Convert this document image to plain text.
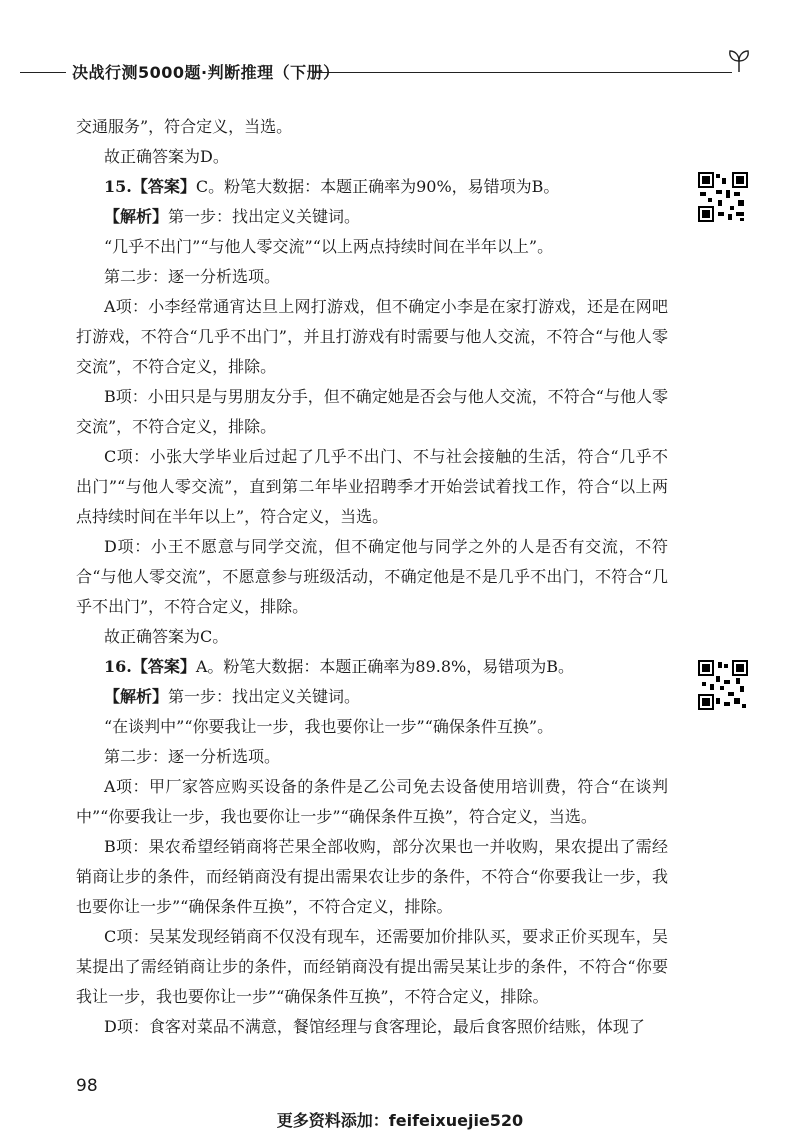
决战行测5000题·判断推理（下册）

交通服务”，符合定义，当选。

故正确答案为D。

15.【答案】C。粉笔大数据：本题正确率为90%，易错项为B。

【解析】第一步：找出定义关键词。

“几乎不出门”“与他人零交流”“以上两点持续时间在半年以上”。

第二步：逐一分析选项。

A项：小李经常通宵达旦上网打游戏，但不确定小李是在家打游戏，还是在网吧打游戏，不符合“几乎不出门”，并且打游戏有时需要与他人交流，不符合“与他人零交流”，不符合定义，排除。

B项：小田只是与男朋友分手，但不确定她是否会与他人交流，不符合“与他人零交流”，不符合定义，排除。

C项：小张大学毕业后过起了几乎不出门、不与社会接触的生活，符合“几乎不出门”“与他人零交流”，直到第二年毕业招聘季才开始尝试着找工作，符合“以上两点持续时间在半年以上”，符合定义，当选。

D项：小王不愿意与同学交流，但不确定他与同学之外的人是否有交流，不符合“与他人零交流”，不愿意参与班级活动，不确定他是不是几乎不出门，不符合“几乎不出门”，不符合定义，排除。

故正确答案为C。

16.【答案】A。粉笔大数据：本题正确率为89.8%，易错项为B。

【解析】第一步：找出定义关键词。

“在谈判中”“你要我让一步，我也要你让一步”“确保条件互换”。

第二步：逐一分析选项。

A项：甲厂家答应购买设备的条件是乙公司免去设备使用培训费，符合“在谈判中”“你要我让一步，我也要你让一步”“确保条件互换”，符合定义，当选。

B项：果农希望经销商将芒果全部收购，部分次果也一并收购，果农提出了需经销商让步的条件，而经销商没有提出需果农让步的条件，不符合“你要我让一步，我也要你让一步”“确保条件互换”，不符合定义，排除。

C项：吴某发现经销商不仅没有现车，还需要加价排队买，要求正价买现车，吴某提出了需经销商让步的条件，而经销商没有提出需吴某让步的条件，不符合“你要我让一步，我也要你让一步”“确保条件互换”，不符合定义，排除。

D项：食客对菜品不满意，餐馆经理与食客理论，最后食客照价结账，体现了

98
更多资料添加：feifeixuejie520
